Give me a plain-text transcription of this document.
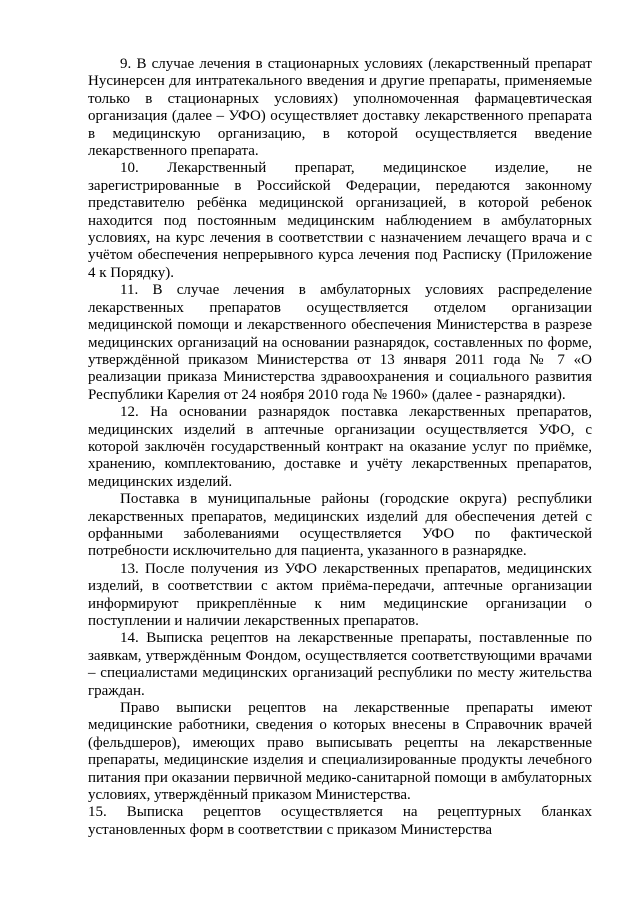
9. В случае лечения в стационарных условиях (лекарственный препарат Нусинерсен для интратекального введения и другие препараты, применяемые только в стационарных условиях) уполномоченная фармацевтическая организация (далее – УФО) осуществляет доставку лекарственного препарата в медицинскую организацию, в которой осуществляется введение лекарственного препарата.

10. Лекарственный препарат, медицинское изделие, не зарегистрированные в Российской Федерации, передаются законному представителю ребёнка медицинской организацией, в которой ребенок находится под постоянным медицинским наблюдением в амбулаторных условиях, на курс лечения в соответствии с назначением лечащего врача и с учётом обеспечения непрерывного курса лечения под Расписку (Приложение 4 к Порядку).

11. В случае лечения в амбулаторных условиях распределение лекарственных препаратов осуществляется отделом организации медицинской помощи и лекарственного обеспечения Министерства в разрезе медицинских организаций на основании разнарядок, составленных по форме, утверждённой приказом Министерства от 13 января 2011 года № 7 «О реализации приказа Министерства здравоохранения и социального развития Республики Карелия от 24 ноября 2010 года № 1960» (далее - разнарядки).

12. На основании разнарядок поставка лекарственных препаратов, медицинских изделий в аптечные организации осуществляется УФО, с которой заключён государственный контракт на оказание услуг по приёмке, хранению, комплектованию, доставке и учёту лекарственных препаратов, медицинских изделий.

Поставка в муниципальные районы (городские округа) республики лекарственных препаратов, медицинских изделий для обеспечения детей с орфанными заболеваниями осуществляется УФО по фактической потребности исключительно для пациента, указанного в разнарядке.

13. После получения из УФО лекарственных препаратов, медицинских изделий, в соответствии с актом приёма-передачи, аптечные организации информируют прикреплённые к ним медицинские организации о поступлении и наличии лекарственных препаратов.

14. Выписка рецептов на лекарственные препараты, поставленные по заявкам, утверждённым Фондом, осуществляется соответствующими врачами – специалистами медицинских организаций республики по месту жительства граждан.

Право выписки рецептов на лекарственные препараты имеют медицинские работники, сведения о которых внесены в Справочник врачей (фельдшеров), имеющих право выписывать рецепты на лекарственные препараты, медицинские изделия и специализированные продукты лечебного питания при оказании первичной медико-санитарной помощи в амбулаторных условиях, утверждённый приказом Министерства.

15. Выписка рецептов осуществляется на рецептурных бланках установленных форм в соответствии с приказом Министерства
